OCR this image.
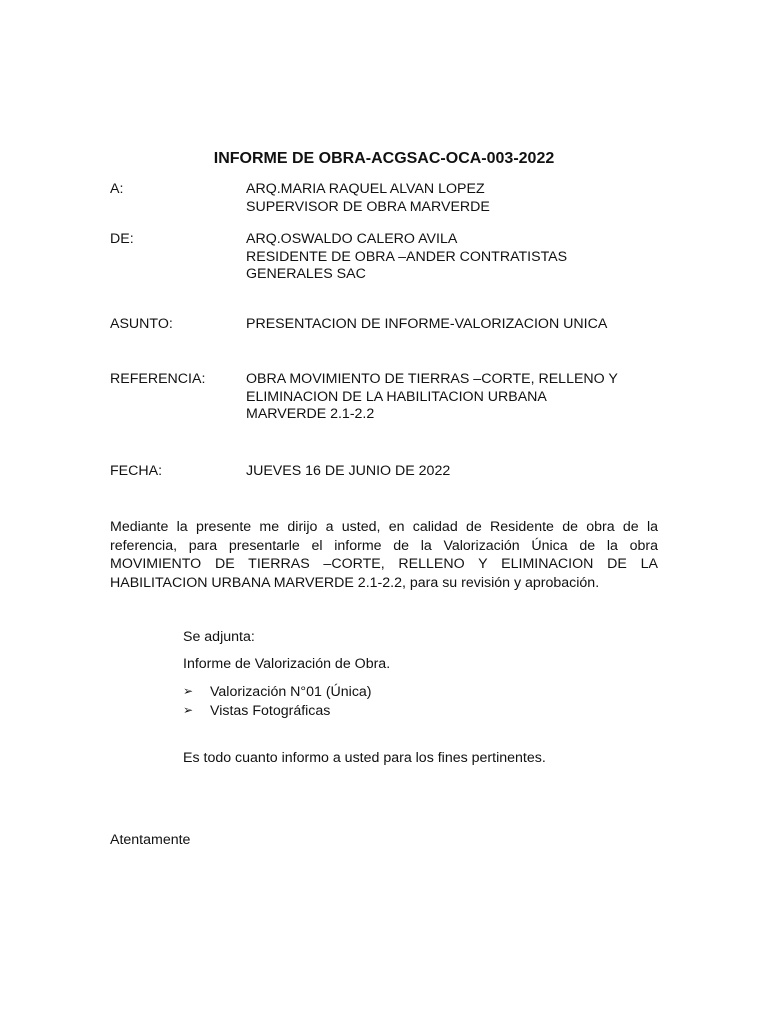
INFORME DE OBRA-ACGSAC-OCA-003-2022
A:	ARQ.MARIA RAQUEL ALVAN LOPEZ
SUPERVISOR DE OBRA MARVERDE
DE:	ARQ.OSWALDO CALERO AVILA
RESIDENTE DE OBRA –ANDER CONTRATISTAS
GENERALES SAC
ASUNTO:	PRESENTACION DE INFORME-VALORIZACION UNICA
REFERENCIA:	OBRA MOVIMIENTO DE TIERRAS –CORTE, RELLENO Y
ELIMINACION DE LA HABILITACION URBANA
MARVERDE 2.1-2.2
FECHA:	JUEVES 16 DE JUNIO DE 2022
Mediante la presente me dirijo a usted, en calidad de Residente de obra de la referencia, para presentarle el informe de la Valorización Única de la obra MOVIMIENTO DE TIERRAS –CORTE, RELLENO Y ELIMINACION DE LA HABILITACION URBANA MARVERDE 2.1-2.2, para su revisión y aprobación.
Se adjunta:
Informe de Valorización de Obra.
➢ Valorización N°01 (Única)
➢ Vistas Fotográficas
Es todo cuanto informo a usted para los fines pertinentes.
Atentamente
